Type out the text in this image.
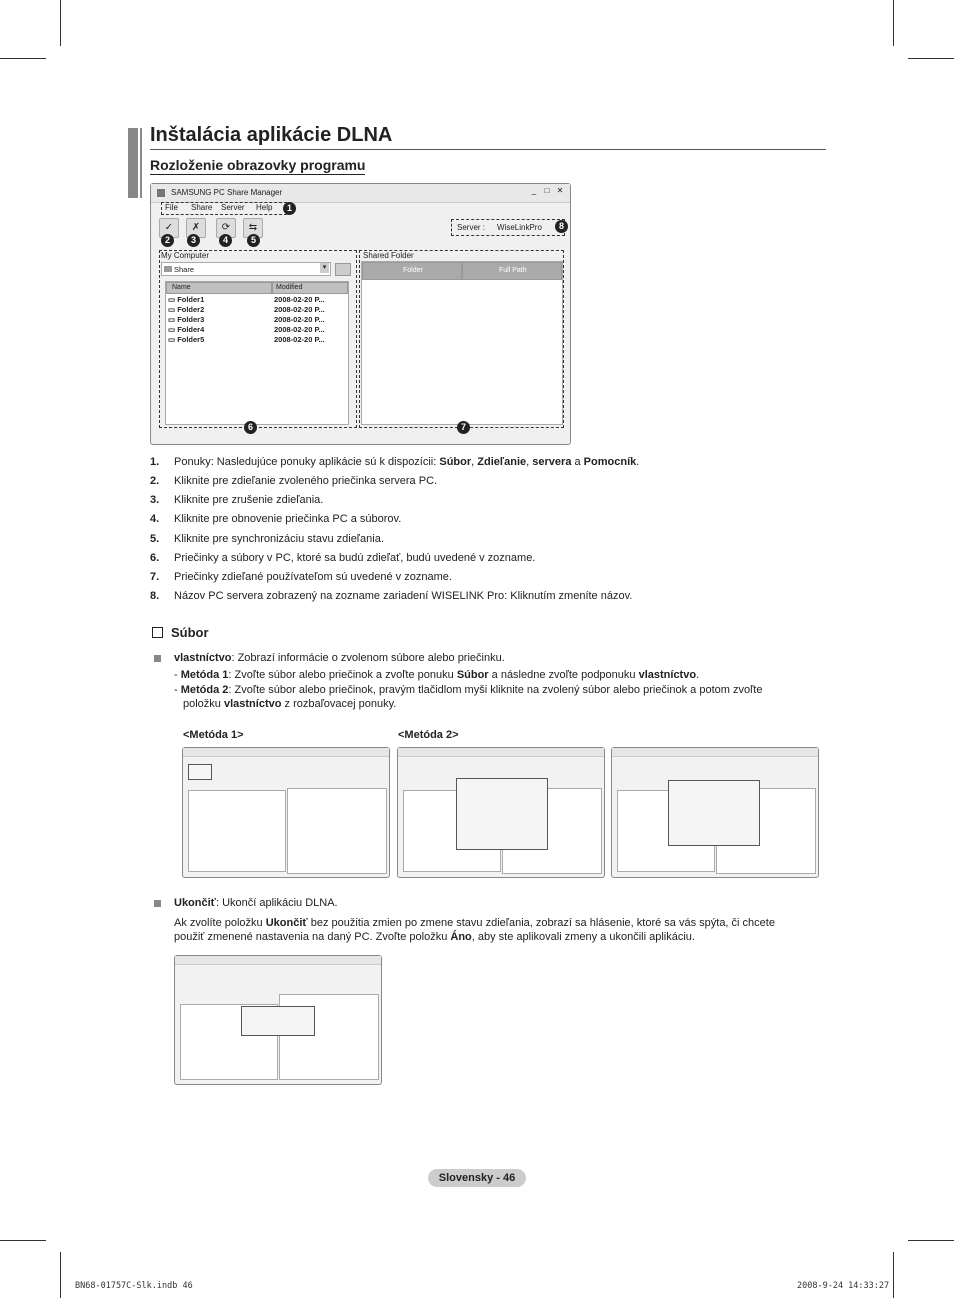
Inštalácia aplikácie DLNA
Rozloženie obrazovky programu
SAMSUNG PC Share Manager	_	□ ✕
File Share Server Help	1
✓	✗	⟳	⇆
2	3	4	5
Server : WiseLinkPro	8
My Computer
Share	▾
Name	Modified
▭ Folder1	2008-02-20 P...
▭ Folder2	2008-02-20 P...
▭ Folder3	2008-02-20 P...
▭ Folder4	2008-02-20 P...
▭ Folder5	2008-02-20 P...
6
Shared Folder
Folder	Full Path
7
1. Ponuky: Nasledujúce ponuky aplikácie sú k dispozícii: Súbor, Zdieľanie, servera a Pomocník.
2. Kliknite pre zdieľanie zvoleného priečinka servera PC.
3. Kliknite pre zrušenie zdieľania.
4. Kliknite pre obnovenie priečinka PC a súborov.
5. Kliknite pre synchronizáciu stavu zdieľania.
6. Priečinky a súbory v PC, ktoré sa budú zdieľať, budú uvedené v zozname.
7. Priečinky zdieľané používateľom sú uvedené v zozname.
8. Názov PC servera zobrazený na zozname zariadení WISELINK Pro: Kliknutím zmeníte názov.
Súbor
vlastníctvo: Zobrazí informácie o zvolenom súbore alebo priečinku.
- Metóda 1: Zvoľte súbor alebo priečinok a zvoľte ponuku Súbor a následne zvoľte podponuku vlastníctvo.
- Metóda 2: Zvoľte súbor alebo priečinok, pravým tlačidlom myši kliknite na zvolený súbor alebo priečinok a potom zvoľte
položku vlastníctvo z rozbaľovacej ponuky.
<Metóda 1>	<Metóda 2>
Ukončiť: Ukončí aplikáciu DLNA.
Ak zvolíte položku Ukončiť bez použitia zmien po zmene stavu zdieľania, zobrazí sa hlásenie, ktoré sa vás spýta, či chcete
použiť zmenené nastavenia na daný PC. Zvoľte položku Áno, aby ste aplikovali zmeny a ukončili aplikáciu.
Slovensky - 46
BN68-01757C-Slk.indb 46	2008-9-24 14:33:27
